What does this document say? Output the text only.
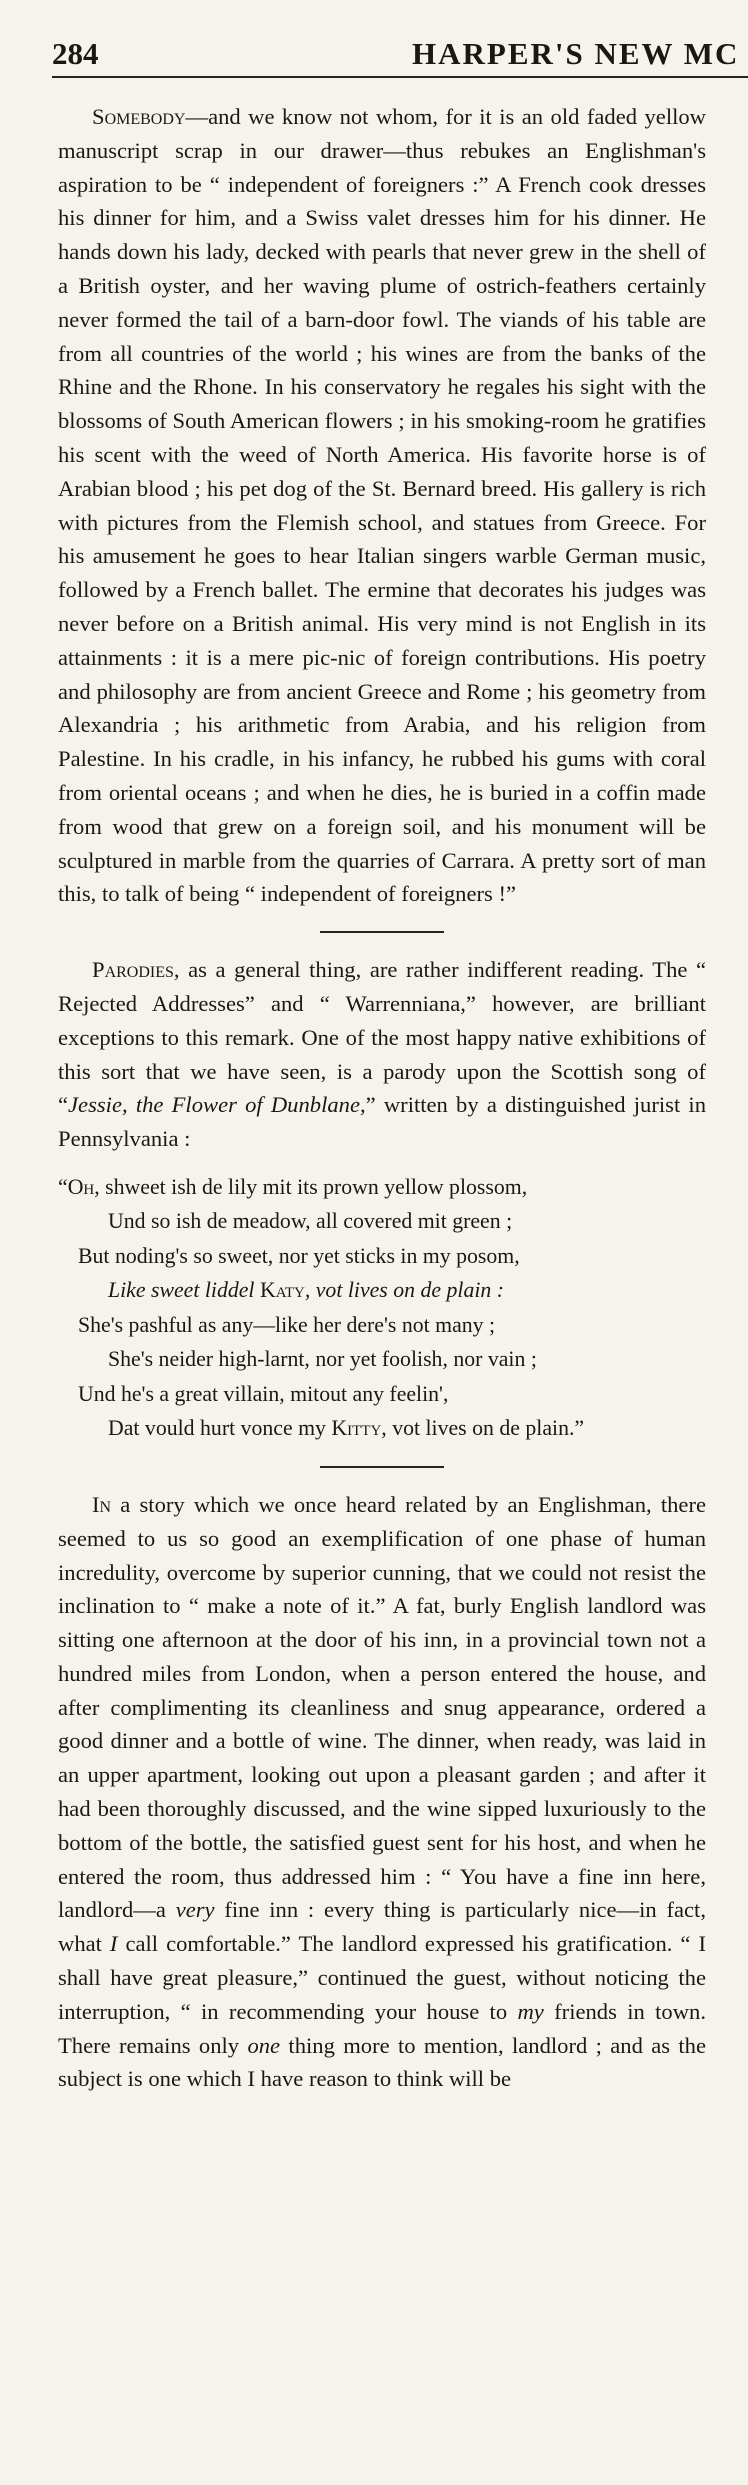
284	HARPER'S NEW MC

Somebody—and we know not whom, for it is an old faded yellow manuscript scrap in our drawer—thus rebukes an Englishman's aspiration to be “ independent of foreigners :” A French cook dresses his dinner for him, and a Swiss valet dresses him for his dinner. He hands down his lady, decked with pearls that never grew in the shell of a British oyster, and her waving plume of ostrich-feathers certainly never formed the tail of a barn-door fowl. The viands of his table are from all countries of the world ; his wines are from the banks of the Rhine and the Rhone. In his conservatory he regales his sight with the blossoms of South American flowers ; in his smoking-room he gratifies his scent with the weed of North America. His favorite horse is of Arabian blood ; his pet dog of the St. Bernard breed. His gallery is rich with pictures from the Flemish school, and statues from Greece. For his amusement he goes to hear Italian singers warble German music, followed by a French ballet. The ermine that decorates his judges was never before on a British animal. His very mind is not English in its attainments : it is a mere pic-nic of foreign contributions. His poetry and philosophy are from ancient Greece and Rome ; his geometry from Alexandria ; his arithmetic from Arabia, and his religion from Palestine. In his cradle, in his infancy, he rubbed his gums with coral from oriental oceans ; and when he dies, he is buried in a coffin made from wood that grew on a foreign soil, and his monument will be sculptured in marble from the quarries of Carrara. A pretty sort of man this, to talk of being “ independent of foreigners !”

Parodies, as a general thing, are rather indifferent reading. The “ Rejected Addresses” and “ Warrenniana,” however, are brilliant exceptions to this remark. One of the most happy native exhibitions of this sort that we have seen, is a parody upon the Scottish song of “Jessie, the Flower of Dunblane,” written by a distinguished jurist in Pennsylvania :

“Oh, shweet ish de lily mit its prown yellow plossom,
Und so ish de meadow, all covered mit green ;
But noding's so sweet, nor yet sticks in my posom,
Like sweet liddel Katy, vot lives on de plain :
She's pashful as any—like her dere's not many ;
She's neider high-larnt, nor yet foolish, nor vain ;
Und he's a great villain, mitout any feelin',
Dat vould hurt vonce my Kitty, vot lives on de plain.”

In a story which we once heard related by an Englishman, there seemed to us so good an exemplification of one phase of human incredulity, overcome by superior cunning, that we could not resist the inclination to “ make a note of it.” A fat, burly English landlord was sitting one afternoon at the door of his inn, in a provincial town not a hundred miles from London, when a person entered the house, and after complimenting its cleanliness and snug appearance, ordered a good dinner and a bottle of wine. The dinner, when ready, was laid in an upper apartment, looking out upon a pleasant garden ; and after it had been thoroughly discussed, and the wine sipped luxuriously to the bottom of the bottle, the satisfied guest sent for his host, and when he entered the room, thus addressed him : “ You have a fine inn here, landlord—a very fine inn : every thing is particularly nice—in fact, what I call comfortable.” The landlord expressed his gratification. “ I shall have great pleasure,” continued the guest, without noticing the interruption, “ in recommending your house to my friends in town. There remains only one thing more to mention, landlord ; and as the subject is one which I have reason to think will be
